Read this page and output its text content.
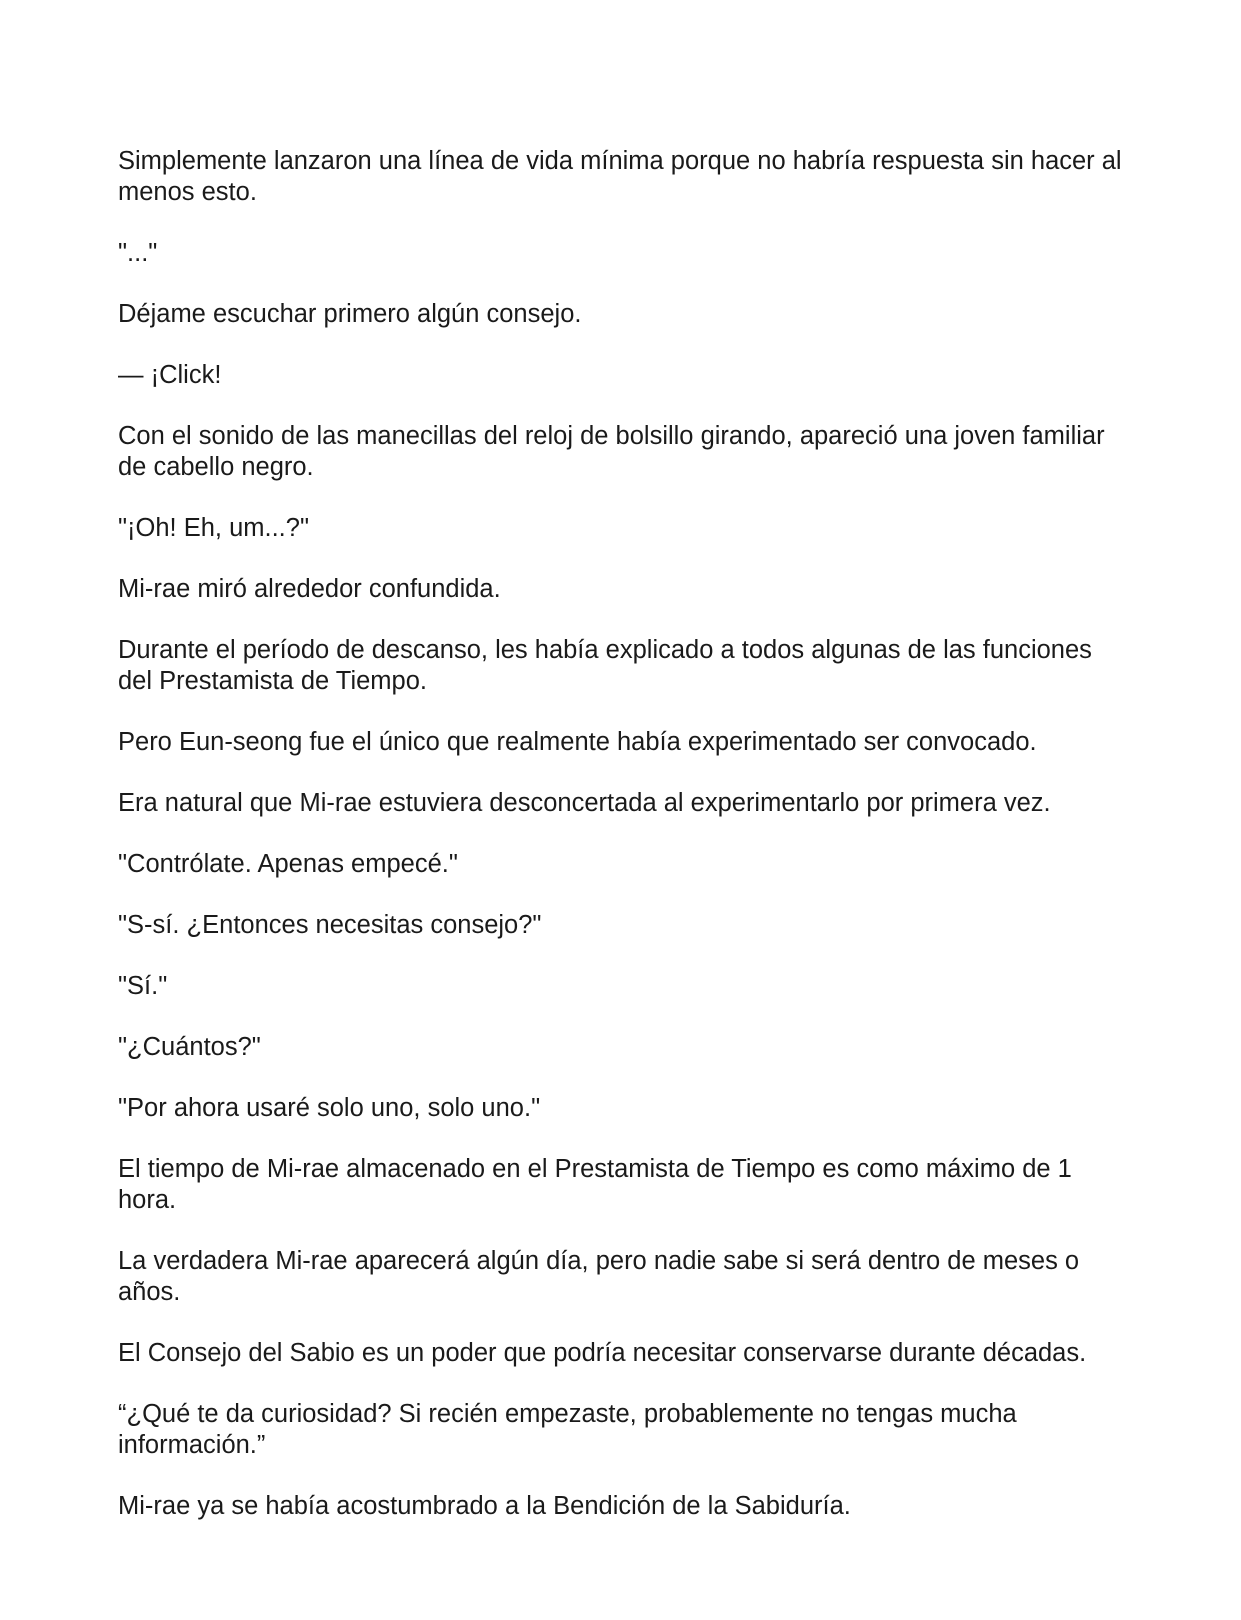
Simplemente lanzaron una línea de vida mínima porque no habría respuesta sin hacer al menos esto.

"..."

Déjame escuchar primero algún consejo.

— ¡Click!

Con el sonido de las manecillas del reloj de bolsillo girando, apareció una joven familiar de cabello negro.

"¡Oh! Eh, um...?"

Mi-rae miró alrededor confundida.

Durante el período de descanso, les había explicado a todos algunas de las funciones del Prestamista de Tiempo.

Pero Eun-seong fue el único que realmente había experimentado ser convocado.

Era natural que Mi-rae estuviera desconcertada al experimentarlo por primera vez.

"Contrólate. Apenas empecé."

"S-sí. ¿Entonces necesitas consejo?"

"Sí."

"¿Cuántos?"

"Por ahora usaré solo uno, solo uno."

El tiempo de Mi-rae almacenado en el Prestamista de Tiempo es como máximo de 1 hora.

La verdadera Mi-rae aparecerá algún día, pero nadie sabe si será dentro de meses o años.

El Consejo del Sabio es un poder que podría necesitar conservarse durante décadas.

“¿Qué te da curiosidad? Si recién empezaste, probablemente no tengas mucha información.”

Mi-rae ya se había acostumbrado a la Bendición de la Sabiduría.
